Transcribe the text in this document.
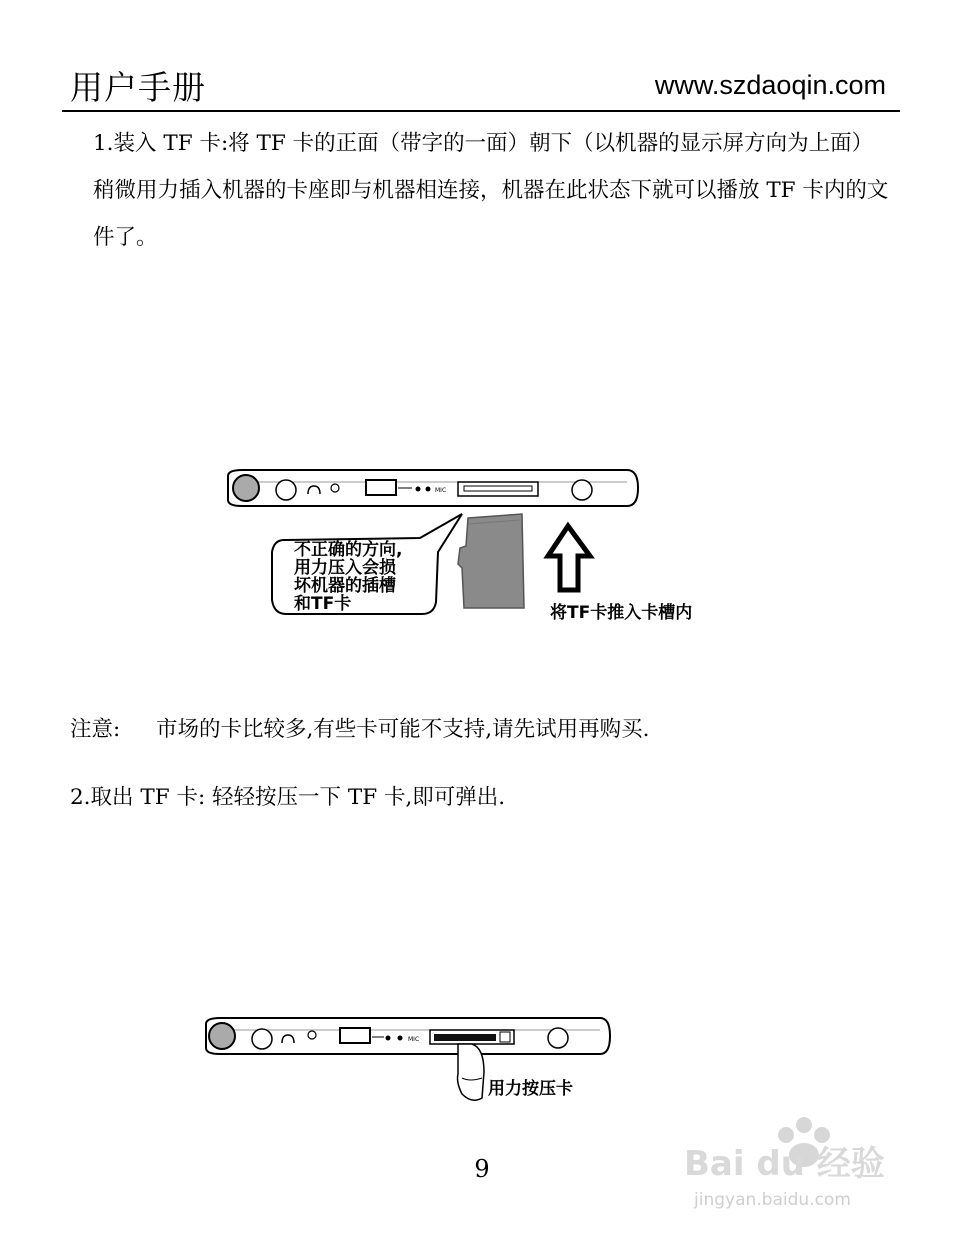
用户手册	www.szdaoqin.com
1.装入 TF 卡:将 TF 卡的正面（带字的一面）朝下（以机器的显示屏方向为上面）稍微用力插入机器的卡座即与机器相连接，机器在此状态下就可以播放 TF 卡内的文件了。
MIC
不正确的方向,
用力压入会损
坏机器的插槽
和TF卡	将TF卡推入卡槽内
注意: 市场的卡比较多,有些卡可能不支持,请先试用再购买.
2.取出 TF 卡: 轻轻按压一下 TF 卡,即可弹出.
MIC
用力按压卡
9	Bai du 经验
jingyan.baidu.com
